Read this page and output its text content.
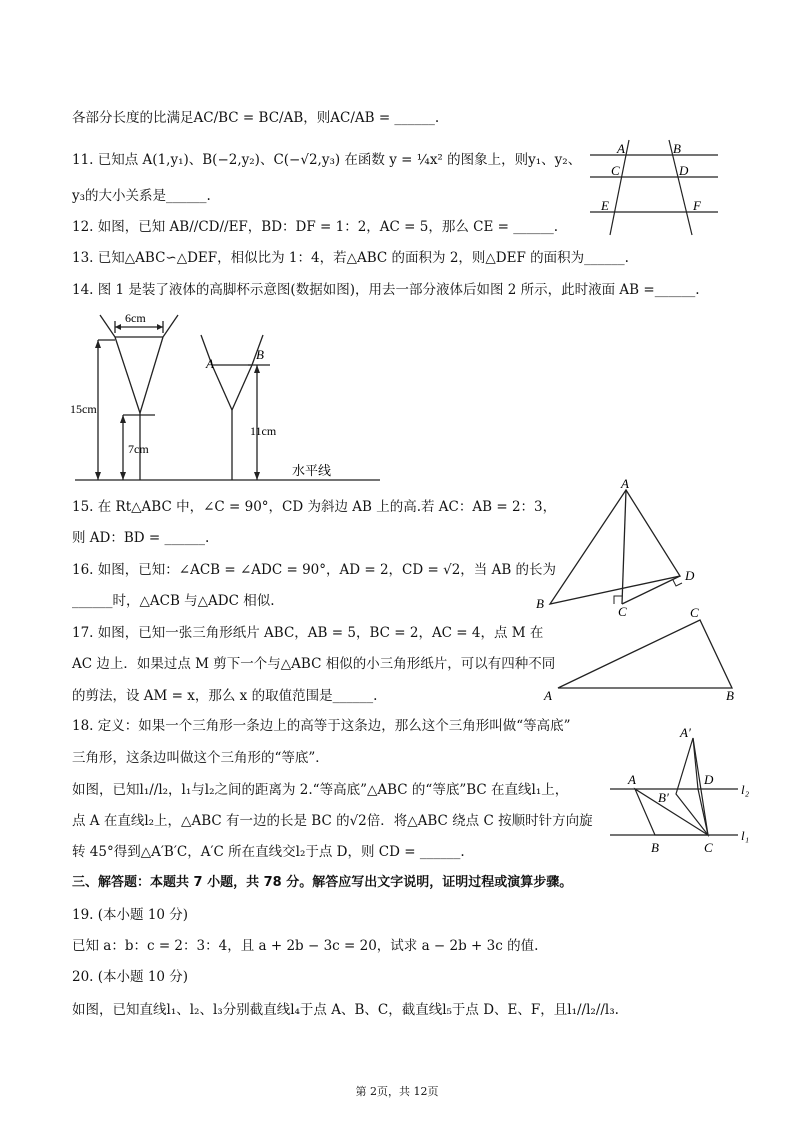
各部分长度的比满足AC/BC = BC/AB，则AC/AB = ______.
11. 已知点 A(1,y₁)、B(−2,y₂)、C(−√2,y₃) 在函数 y = ¼x² 的图象上，则y₁、y₂、
y₃的大小关系是______.
12. 如图，已知 AB//CD//EF，BD：DF = 1：2，AC = 5，那么 CE = ______.
13. 已知△ABC∽△DEF，相似比为 1：4，若△ABC 的面积为 2，则△DEF 的面积为______.
14. 图 1 是装了液体的高脚杯示意图(数据如图)，用去一部分液体后如图 2 所示，此时液面 AB =______.
15. 在 Rt△ABC 中，∠C = 90°，CD 为斜边 AB 上的高.若 AC：AB = 2：3，
则 AD：BD = ______.
16. 如图，已知：∠ACB = ∠ADC = 90°，AD = 2，CD = √2，当 AB 的长为
______时，△ACB 与△ADC 相似.
17. 如图，已知一张三角形纸片 ABC，AB = 5，BC = 2，AC = 4，点 M 在
AC 边上．如果过点 M 剪下一个与△ABC 相似的小三角形纸片，可以有四种不同
的剪法，设 AM = x，那么 x 的取值范围是______.
18. 定义：如果一个三角形一条边上的高等于这条边，那么这个三角形叫做“等高底”
三角形，这条边叫做这个三角形的“等底”．
如图，已知l₁//l₂，l₁与l₂之间的距离为 2.“等高底”△ABC 的“等底”BC 在直线l₁上，
点 A 在直线l₂上，△ABC 有一边的长是 BC 的√2倍．将△ABC 绕点 C 按顺时针方向旋
转 45°得到△A′B′C，A′C 所在直线交l₂于点 D，则 CD = ______.
三、解答题：本题共 7 小题，共 78 分。解答应写出文字说明，证明过程或演算步骤。
19. (本小题 10 分)
已知 a：b：c = 2：3：4，且 a + 2b − 3c = 20，试求 a − 2b + 3c 的值.
20. (本小题 10 分)
如图，已知直线l₁、l₂、l₃分别截直线l₄于点 A、B、C，截直线l₅于点 D、E、F，且l₁//l₂//l₃.
A	B
C	D
E	F
6cm
15cm
7cm
11cm
A
B
水平线
A
B
C
D
A	B
C
A′
A
B′
D
l₂
l₁
B	C
第 2页，共 12页
